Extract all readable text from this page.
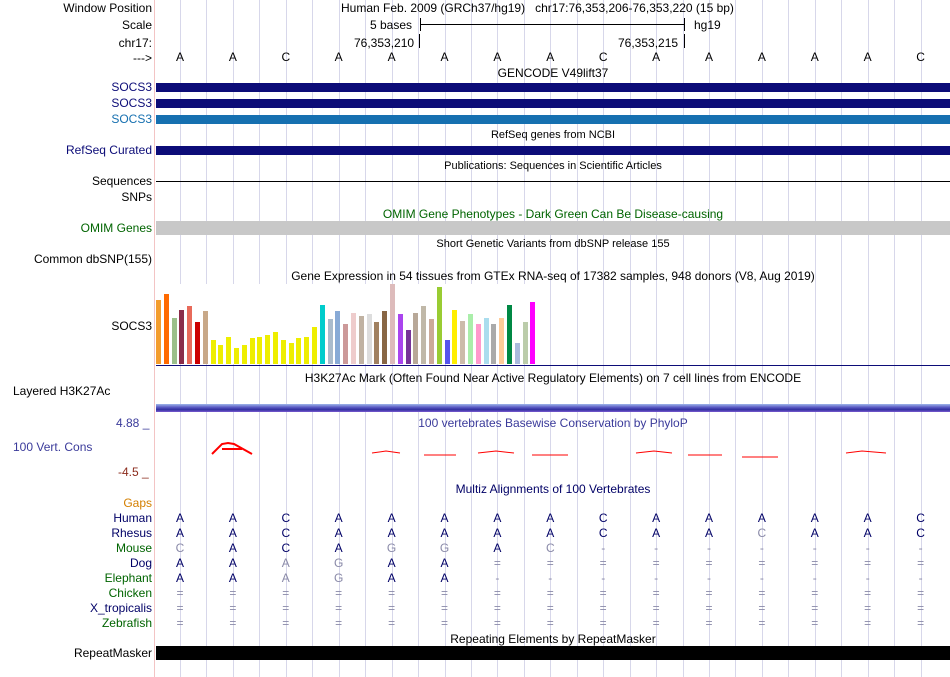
Window Position	Human Feb. 2009 (GRCh37/hg19)   chr17:76,353,206-76,353,220 (15 bp)
Scale	5 bases	hg19
chr17:	76,353,210	76,353,215
---> A	A	C	A	A	A	A	A	C	A	A	A	A	A	C
GENCODE V49lift37
SOCS3
SOCS3
SOCS3
RefSeq genes from NCBI
RefSeq Curated
Publications: Sequences in Scientific Articles
Sequences
SNPs
OMIM Gene Phenotypes - Dark Green Can Be Disease-causing
OMIM Genes
Short Genetic Variants from dbSNP release 155
Common dbSNP(155)
Gene Expression in 54 tissues from GTEx RNA-seq of 17382 samples, 948 donors (V8, Aug 2019)
SOCS3
H3K27Ac Mark (Often Found Near Active Regulatory Elements) on 7 cell lines from ENCODE
Layered H3K27Ac
100 vertebrates Basewise Conservation by PhyloP
4.88 _
100 Vert. Cons
-4.5 _
Multiz Alignments of 100 Vertebrates
Gaps
Human A	A	C	A	A	A	A	A	C	A	A	A	A	A	C
Rhesus A	A	C	A	A	A	A	A	C	A	A	C	A	A	C
Mouse C	A	C	A	G	G	A	C	-	-	-	-	-	-	-
Dog A	A	A	G	A	A	=	=	=	=	=	=	=	=	=
Elephant A	A	A	G	A	A	-	-	-	-	-	-	-	-	-
Chicken =	=	=	=	=	=	=	=	=	=	=	=	=	=	=
X_tropicalis =	=	=	=	=	=	=	=	=	=	=	=	=	=	=
Zebrafish =	=	=	=	=	=	=	=	=	=	=	=	=	=	=
Repeating Elements by RepeatMasker
RepeatMasker
